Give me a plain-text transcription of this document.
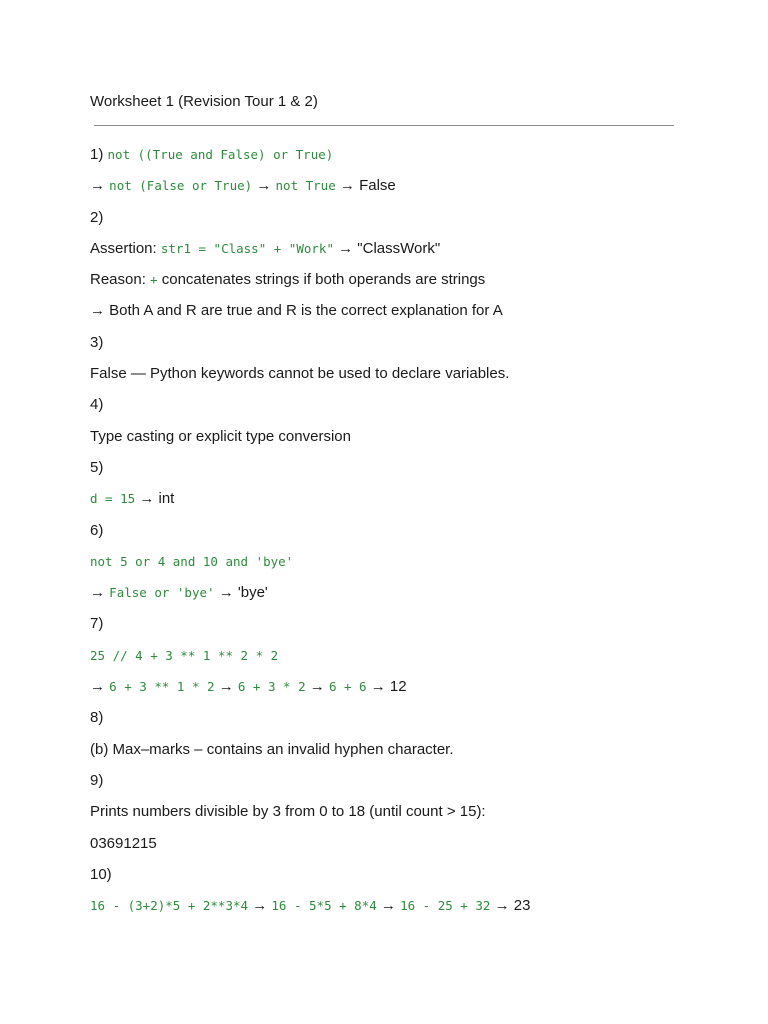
Worksheet 1 (Revision Tour 1 & 2)
1) not ((True and False) or True)
→ not (False or True) → not True → False
2)
Assertion: str1 = "Class" + "Work" → "ClassWork"
Reason: + concatenates strings if both operands are strings
→ Both A and R are true and R is the correct explanation for A
3)
False — Python keywords cannot be used to declare variables.
4)
Type casting or explicit type conversion
5)
d = 15 → int
6)
not 5 or 4 and 10 and 'bye'
→ False or 'bye' → 'bye'
7)
25 // 4 + 3 ** 1 ** 2 * 2
→ 6 + 3 ** 1 * 2 → 6 + 3 * 2 → 6 + 6 → 12
8)
(b) Max–marks – contains an invalid hyphen character.
9)
Prints numbers divisible by 3 from 0 to 18 (until count > 15):
03691215
10)
16 - (3+2)*5 + 2**3*4 → 16 - 5*5 + 8*4 → 16 - 25 + 32 → 23
